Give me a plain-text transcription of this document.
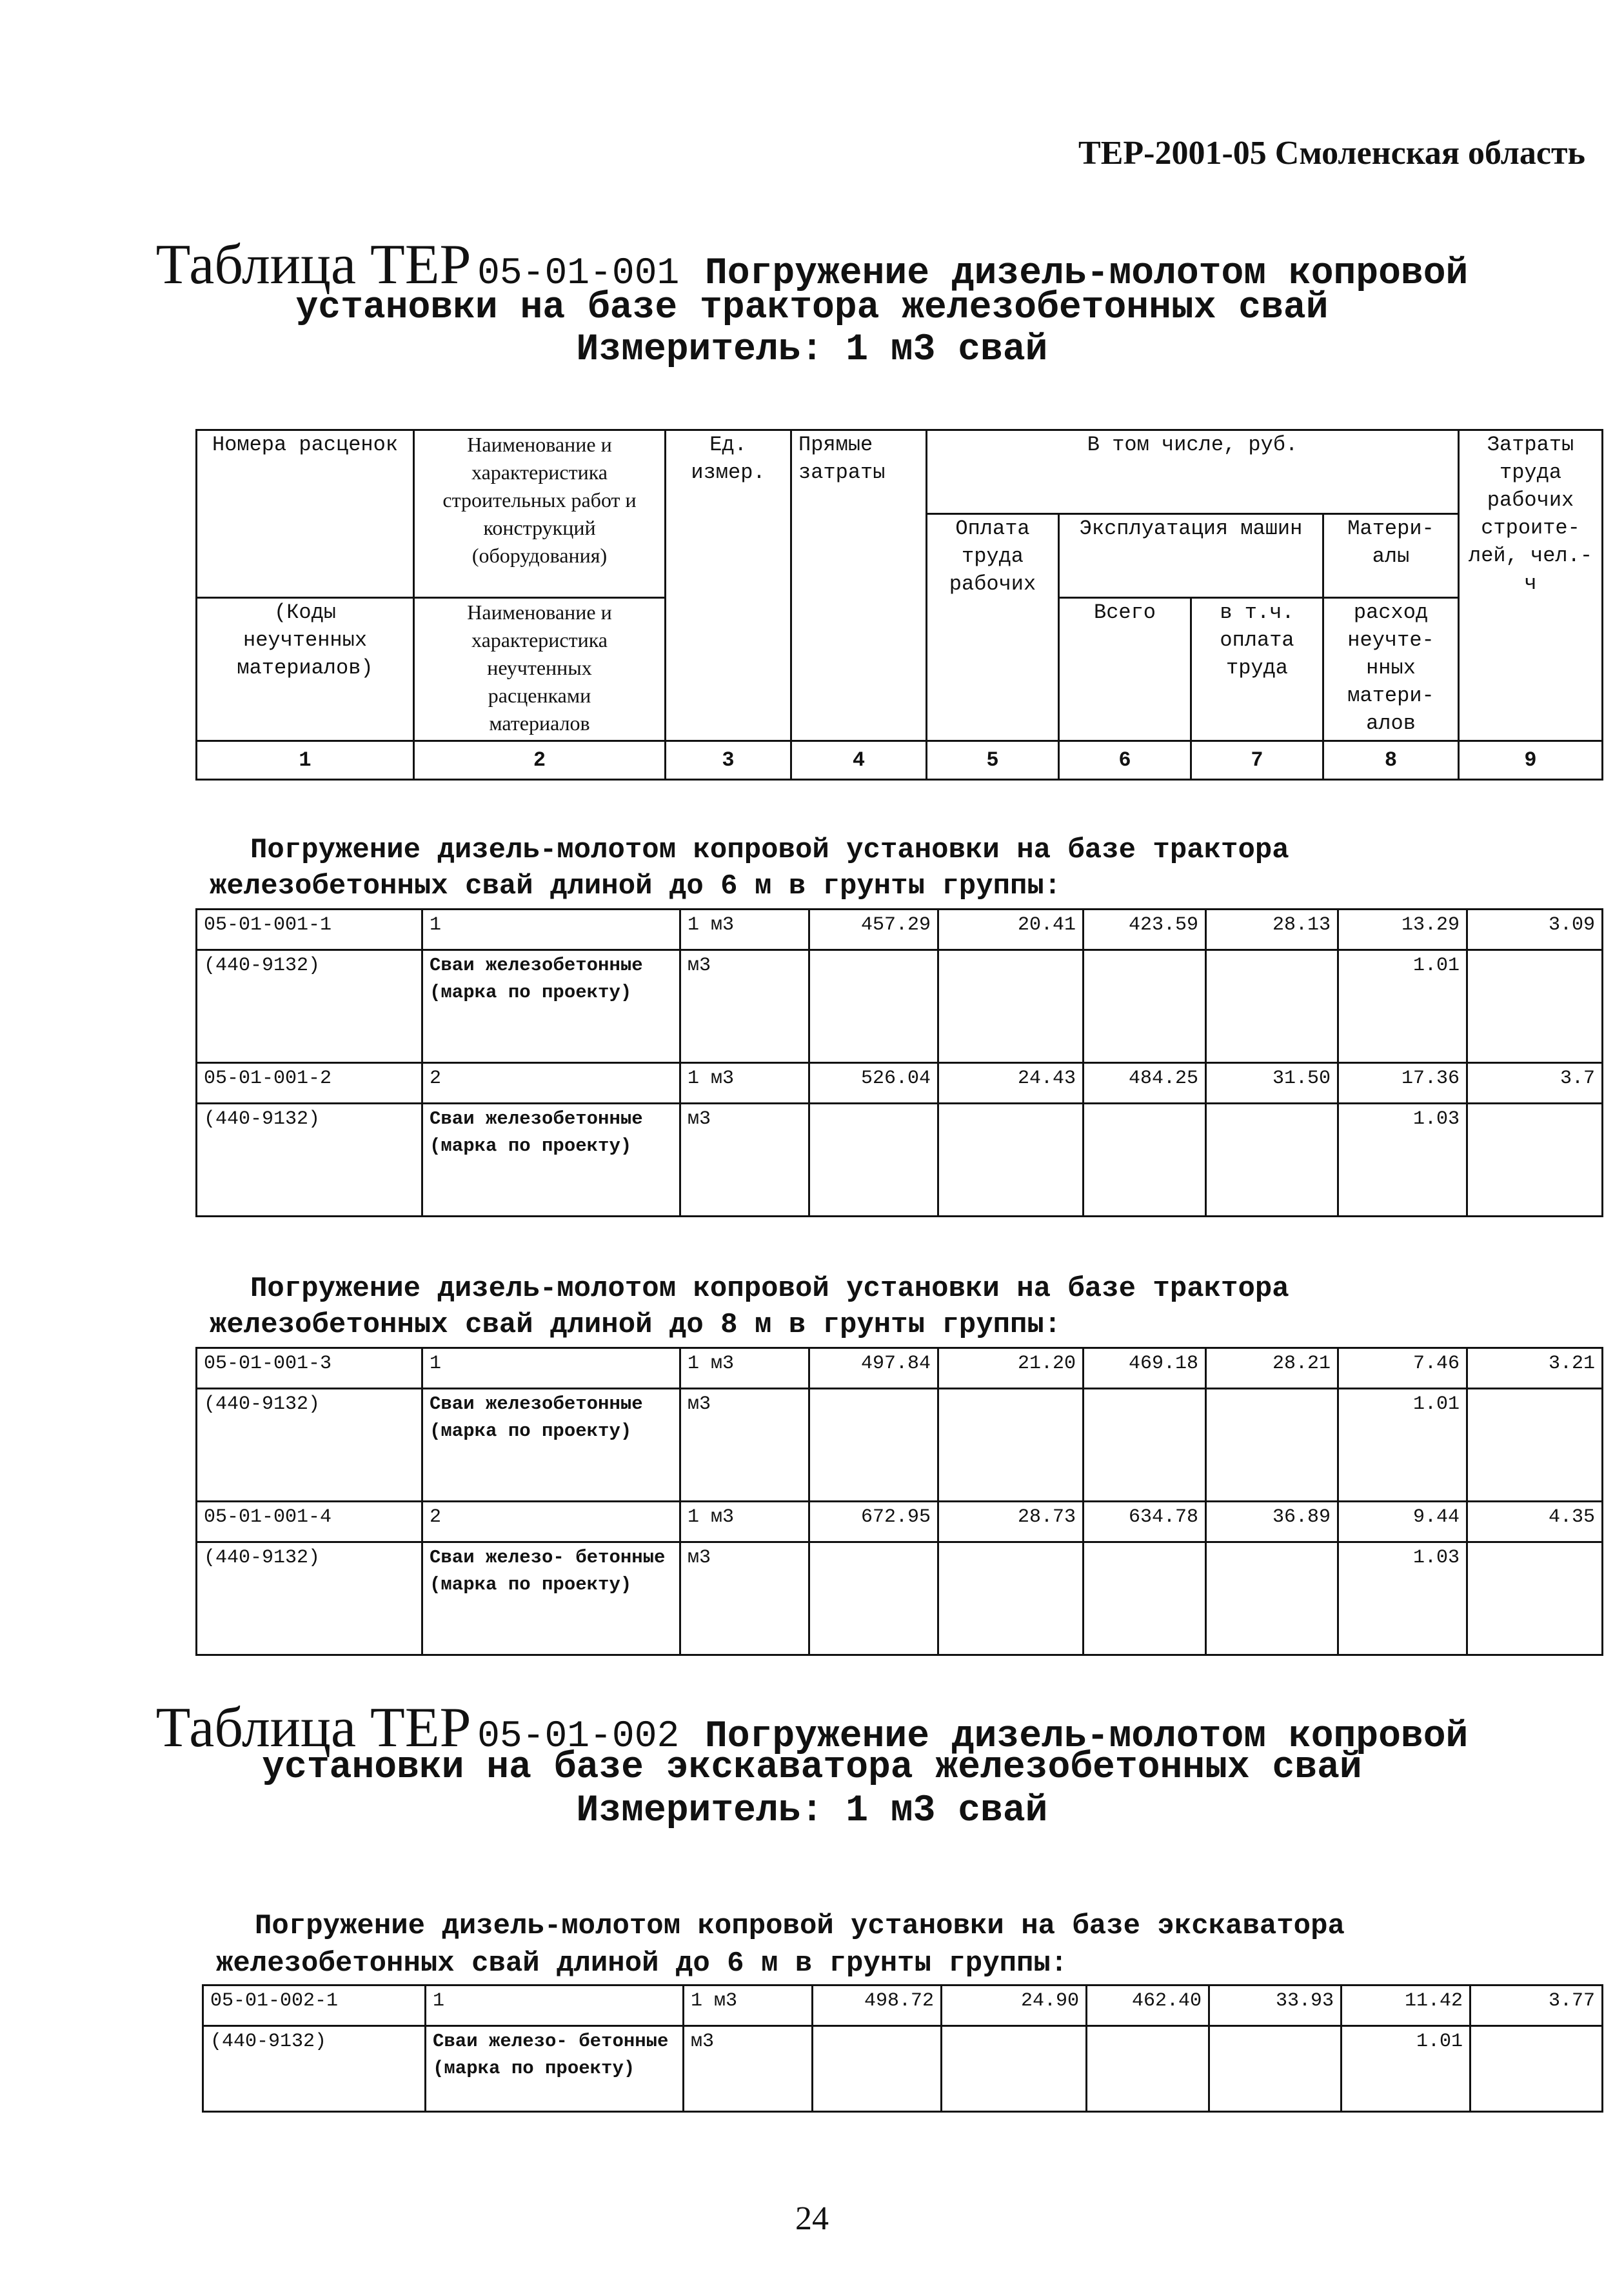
ТЕР-2001-05 Смоленская область
Таблица ТЕР 05-01-001 Погружение дизель-молотом копровой
установки на базе трактора железобетонных свай
Измеритель: 1 м3 свай
Номера расценок	Наименование и характеристика строительных работ и конструкций (оборудования)	Ед. измер.	Прямые затраты	В том числе, руб.				Затраты труда рабочих строите-лей, чел.-ч

				Оплата труда рабочих	Эксплуатация машин		Матери-алы	

(Коды неучтенных материалов)	Наименование и характеристика неучтенных расценками материалов				Всего	в т.ч. оплата труда	расход неучте-нных матери-алов	

1	2	3	4	5	6	7	8	9
Погружение дизель-молотом копровой установки на базе трактора
железобетонных свай длиной до 6 м в грунты группы:
05-01-001-1	1	1 м3	457.29	20.41	423.59	28.13	13.29	3.09
(440-9132)	Сваи железобетонные (марка по проекту)	м3					1.01	
05-01-001-2	2	1 м3	526.04	24.43	484.25	31.50	17.36	3.7
(440-9132)	Сваи железобетонные (марка по проекту)	м3					1.03	
Погружение дизель-молотом копровой установки на базе трактора
железобетонных свай длиной до 8 м в грунты группы:
05-01-001-3	1	1 м3	497.84	21.20	469.18	28.21	7.46	3.21
(440-9132)	Сваи железобетонные (марка по проекту)	м3					1.01	
05-01-001-4	2	1 м3	672.95	28.73	634.78	36.89	9.44	4.35
(440-9132)	Сваи железо- бетонные (марка по проекту)	м3					1.03	
Таблица ТЕР 05-01-002 Погружение дизель-молотом копровой
установки на базе экскаватора железобетонных свай
Измеритель: 1 м3 свай
Погружение дизель-молотом копровой установки на базе экскаватора
железобетонных свай длиной до 6 м в грунты группы:
05-01-002-1	1	1 м3	498.72	24.90	462.40	33.93	11.42	3.77
(440-9132)	Сваи железо- бетонные (марка по проекту)	м3					1.01	
24
